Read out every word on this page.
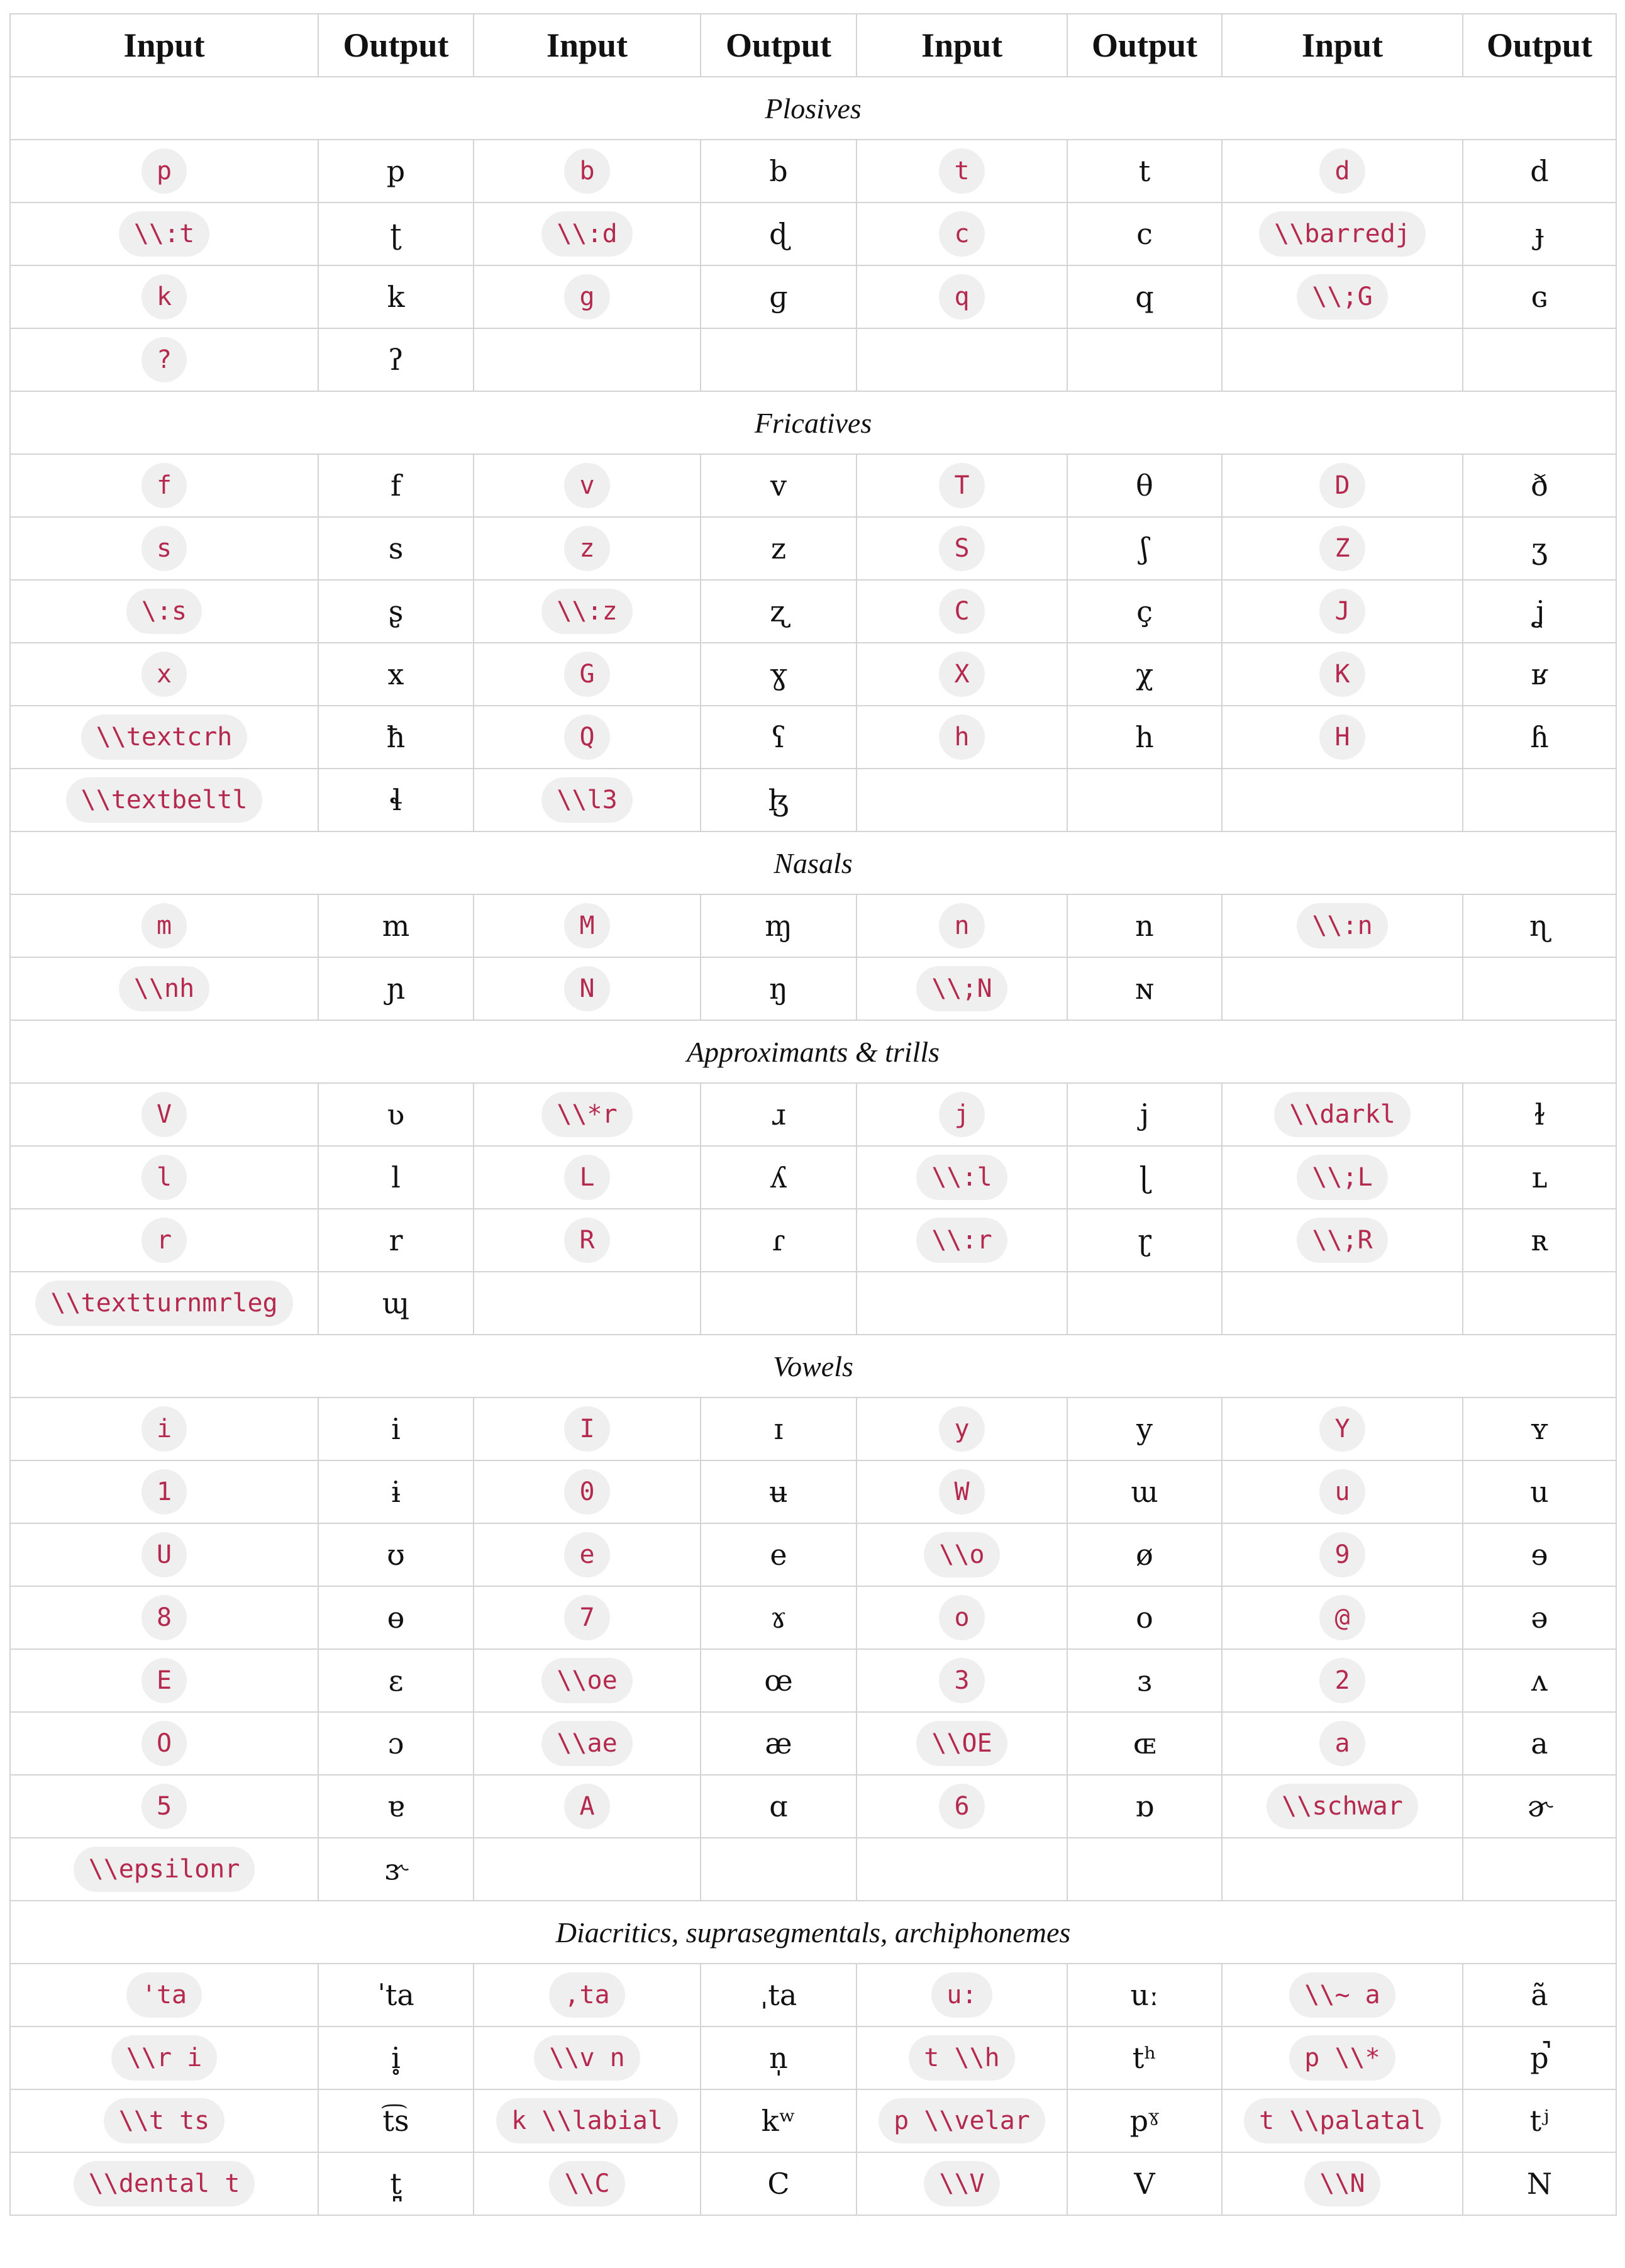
Input	Output	Input	Output	Input	Output	Input	Output
Plosives							
p	p	b	b	t	t	d	d
\\:t	ʈ	\\:d	ɖ	c	c	\\barredj	ɟ
k	k	g	ɡ	q	q	\\;G	ɢ
?	ʔ						
Fricatives							
f	f	v	v	T	θ	D	ð
s	s	z	z	S	ʃ	Z	ʒ
\:s	ʂ	\\:z	ʐ	C	ç	J	ʝ
x	x	G	ɣ	X	χ	K	ʁ
\\textcrh	ħ	Q	ʕ	h	h	H	ɦ
\\textbeltl	ɬ	\\l3	ɮ				
Nasals							
m	m	M	ɱ	n	n	\\:n	ɳ
\\nh	ɲ	N	ŋ	\\;N	ɴ		
Approximants & trills							
V	ʋ	\\*r	ɹ	j	j	\\darkl	ɫ
l	l	L	ʎ	\\:l	ɭ	\\;L	ʟ
r	r	R	ɾ	\\:r	ɽ	\\;R	ʀ
\\textturnmrleg	ɰ						
Vowels							
i	i	I	ɪ	y	y	Y	ʏ
1	ɨ	0	ʉ	W	ɯ	u	u
U	ʊ	e	e	\\o	ø	9	ɘ
8	ɵ	7	ɤ	o	o	@	ə
E	ɛ	\\oe	œ	3	ɜ	2	ʌ
O	ɔ	\\ae	æ	\\OE	ɶ	a	a
5	ɐ	A	ɑ	6	ɒ	\\schwar	ɚ
\\epsilonr	ɝ						
Diacritics, suprasegmentals, archiphonemes							
'ta	ˈta	,ta	ˌta	u:	uː	\\~ a	ã
\\r i	i̥	\\v n	n̩	t \\h	tʰ	p \\*	p̚
\\t ts	t͡s	k \\labial	kʷ	p \\velar	pˠ	t \\palatal	tʲ
\\dental t	t̪	\\C	C	\\V	V	\\N	N
